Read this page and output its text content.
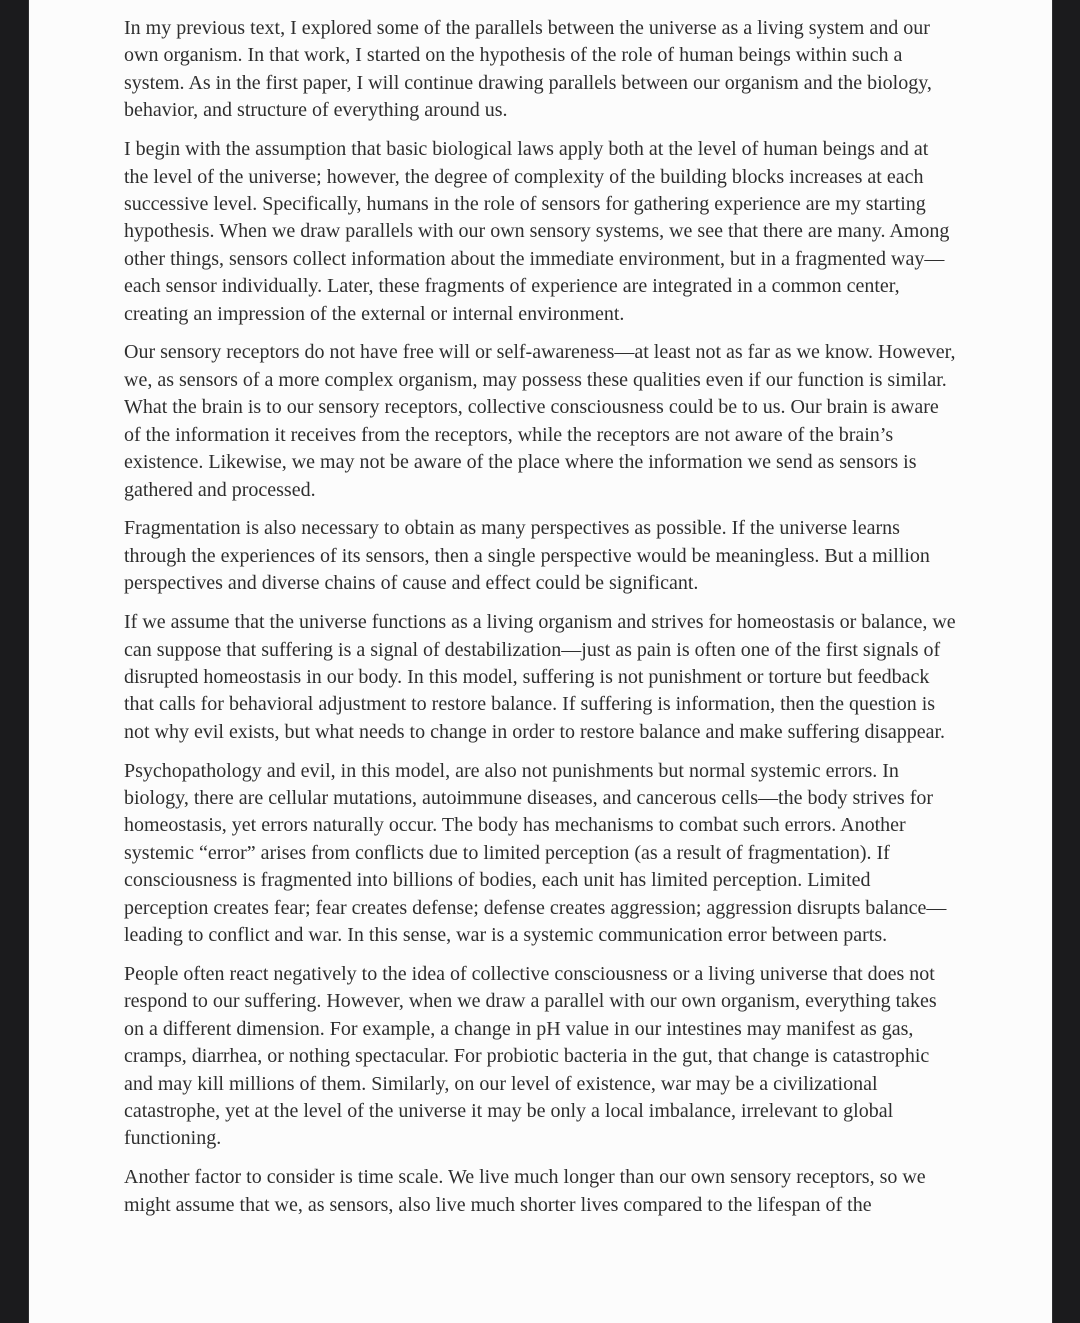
In my previous text, I explored some of the parallels between the universe as a living system and our own organism. In that work, I started on the hypothesis of the role of human beings within such a system. As in the first paper, I will continue drawing parallels between our organism and the biology, behavior, and structure of everything around us.

I begin with the assumption that basic biological laws apply both at the level of human beings and at the level of the universe; however, the degree of complexity of the building blocks increases at each successive level. Specifically, humans in the role of sensors for gathering experience are my starting hypothesis. When we draw parallels with our own sensory systems, we see that there are many. Among other things, sensors collect information about the immediate environment, but in a fragmented way—each sensor individually. Later, these fragments of experience are integrated in a common center, creating an impression of the external or internal environment.

Our sensory receptors do not have free will or self-awareness—at least not as far as we know. However, we, as sensors of a more complex organism, may possess these qualities even if our function is similar. What the brain is to our sensory receptors, collective consciousness could be to us. Our brain is aware of the information it receives from the receptors, while the receptors are not aware of the brain’s existence. Likewise, we may not be aware of the place where the information we send as sensors is gathered and processed.

Fragmentation is also necessary to obtain as many perspectives as possible. If the universe learns through the experiences of its sensors, then a single perspective would be meaningless. But a million perspectives and diverse chains of cause and effect could be significant.

If we assume that the universe functions as a living organism and strives for homeostasis or balance, we can suppose that suffering is a signal of destabilization—just as pain is often one of the first signals of disrupted homeostasis in our body. In this model, suffering is not punishment or torture but feedback that calls for behavioral adjustment to restore balance. If suffering is information, then the question is not why evil exists, but what needs to change in order to restore balance and make suffering disappear.

Psychopathology and evil, in this model, are also not punishments but normal systemic errors. In biology, there are cellular mutations, autoimmune diseases, and cancerous cells—the body strives for homeostasis, yet errors naturally occur. The body has mechanisms to combat such errors. Another systemic “error” arises from conflicts due to limited perception (as a result of fragmentation). If consciousness is fragmented into billions of bodies, each unit has limited perception. Limited perception creates fear; fear creates defense; defense creates aggression; aggression disrupts balance—leading to conflict and war. In this sense, war is a systemic communication error between parts.

People often react negatively to the idea of collective consciousness or a living universe that does not respond to our suffering. However, when we draw a parallel with our own organism, everything takes on a different dimension. For example, a change in pH value in our intestines may manifest as gas, cramps, diarrhea, or nothing spectacular. For probiotic bacteria in the gut, that change is catastrophic and may kill millions of them. Similarly, on our level of existence, war may be a civilizational catastrophe, yet at the level of the universe it may be only a local imbalance, irrelevant to global functioning.

Another factor to consider is time scale. We live much longer than our own sensory receptors, so we might assume that we, as sensors, also live much shorter lives compared to the lifespan of the
